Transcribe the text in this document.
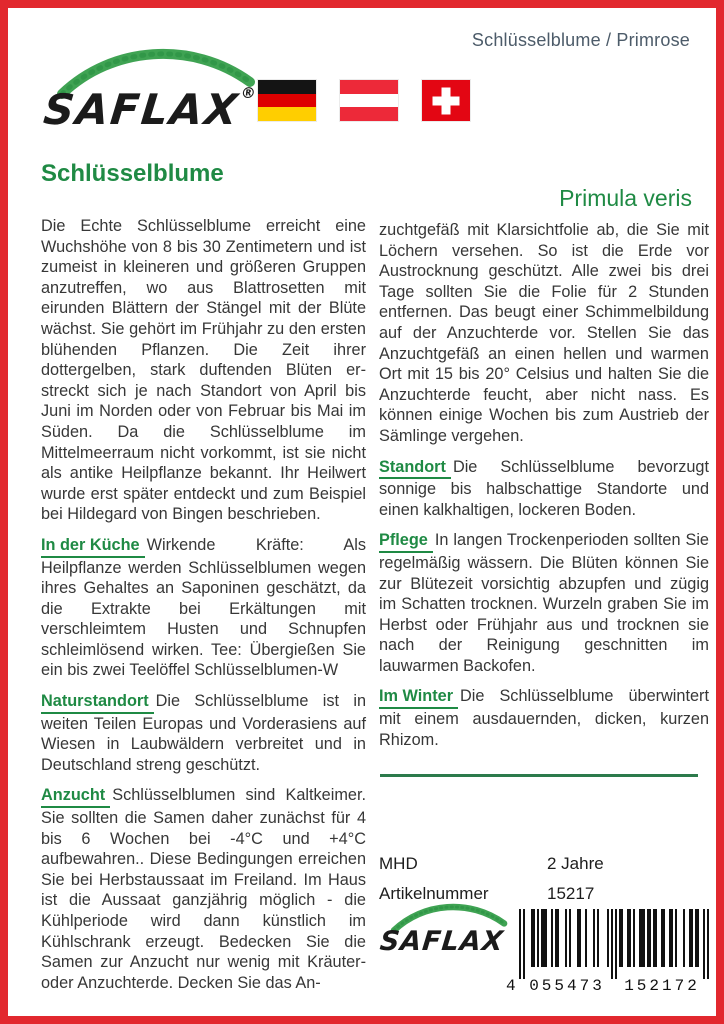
Schlüsselblume / Primrose
SAFLAX®
Schlüsselblume
Primula veris

Die Echte Schlüsselblume erreicht eine Wuchshöhe von 8 bis 30 Zentimetern und ist zumeist in kleineren und größeren Gruppen anzutreffen, wo aus Blattrosetten mit eirunden Blättern der Stängel mit der Blüte wächst. Sie gehört im Frühjahr zu den ersten blühenden Pflanzen. Die Zeit ihrer dottergelben, stark duftenden Blüten er-streckt sich je nach Standort von April bis Juni im Norden oder von Februar bis Mai im Süden. Da die Schlüsselblume im Mittelmeerraum nicht vorkommt, ist sie nicht als antike Heilpflanze bekannt. Ihr Heilwert wurde erst später entdeckt und zum Beispiel bei Hildegard von Bingen beschrieben.

In der Küche Wirkende Kräfte: Als Heilpflanze werden Schlüsselblumen wegen ihres Gehaltes an Saponinen geschätzt, da die Extrakte bei Erkältungen mit verschleimtem Husten und Schnupfen schleimlösend wirken. Tee: Übergießen Sie ein bis zwei Teelöffel Schlüsselblumen-W

Naturstandort Die Schlüsselblume ist in weiten Teilen Europas und Vorderasiens auf Wiesen in Laubwäldern verbreitet und in Deutschland streng geschützt.

Anzucht Schlüsselblumen sind Kaltkeimer. Sie sollten die Samen daher zunächst für 4 bis 6 Wochen bei -4°C und +4°C aufbewahren.. Diese Bedingungen erreichen Sie bei Herbstaussaat im Freiland. Im Haus ist die Aussaat ganzjährig möglich - die Kühlperiode wird dann künstlich im Kühlschrank erzeugt. Bedecken Sie die Samen zur Anzucht nur wenig mit Kräuter- oder Anzuchterde. Decken Sie das An-

zuchtgefäß mit Klarsichtfolie ab, die Sie mit Löchern versehen. So ist die Erde vor Austrocknung geschützt. Alle zwei bis drei Tage sollten Sie die Folie für 2 Stunden entfernen. Das beugt einer Schimmelbildung auf der Anzuchterde vor. Stellen Sie das Anzuchtgefäß an einen hellen und warmen Ort mit 15 bis 20° Celsius und halten Sie die Anzuchterde feucht, aber nicht nass. Es können einige Wochen bis zum Austrieb der Sämlinge vergehen.

Standort Die Schlüsselblume bevorzugt sonnige bis halbschattige Standorte und einen kalkhaltigen, lockeren Boden.

Pflege In langen Trockenperioden sollten Sie regelmäßig wässern. Die Blüten können Sie zur Blütezeit vorsichtig abzupfen und zügig im Schatten trocknen. Wurzeln graben Sie im Herbst oder Frühjahr aus und trocknen sie nach der Reinigung geschnitten im lauwarmen Backofen.

Im Winter Die Schlüsselblume überwintert mit einem ausdauernden, dicken, kurzen Rhizom.

MHD	2 Jahre
Artikelnummer	15217
SAFLAX
4 055473 152172
